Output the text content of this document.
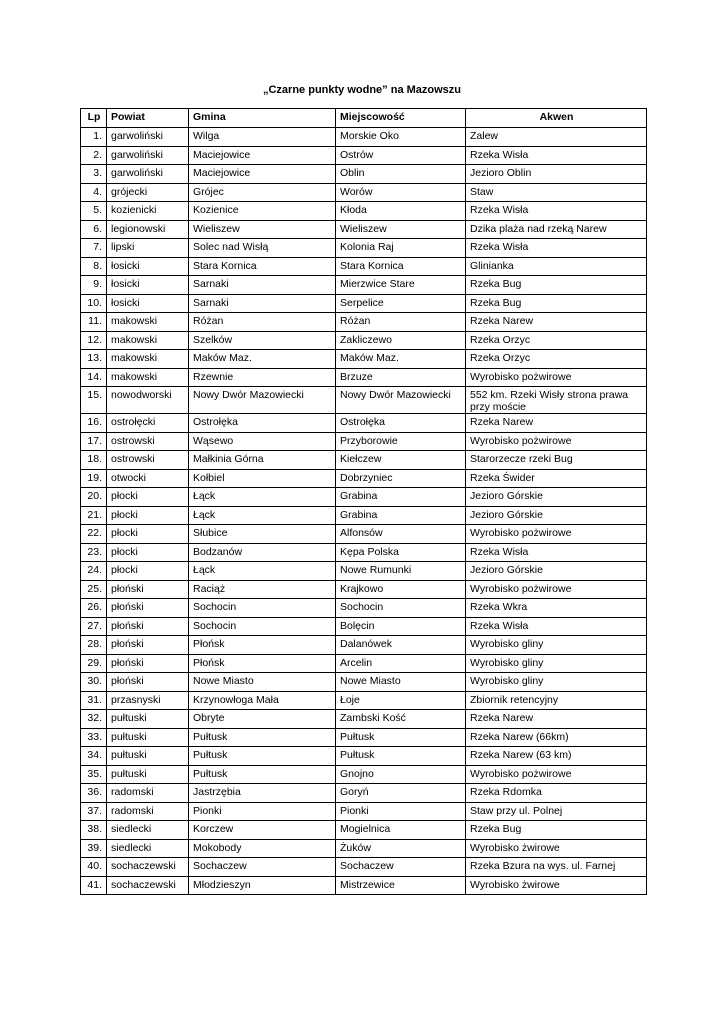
„Czarne punkty wodne” na Mazowszu
Lp	Powiat	Gmina	Miejscowość	Akwen
1.	garwoliński	Wilga	Morskie Oko	Zalew
2.	garwoliński	Maciejowice	Ostrów	Rzeka Wisła
3.	garwoliński	Maciejowice	Oblin	Jezioro Oblin
4.	grójecki	Grójec	Worów	Staw
5.	kozienicki	Kozienice	Kłoda	Rzeka Wisła
6.	legionowski	Wieliszew	Wieliszew	Dzika plaża nad rzeką Narew
7.	lipski	Solec nad Wisłą	Kolonia Raj	Rzeka Wisła
8.	łosicki	Stara Kornica	Stara Kornica	Glinianka
9.	łosicki	Sarnaki	Mierzwice Stare	Rzeka Bug
10.	łosicki	Sarnaki	Serpelice	Rzeka Bug
11.	makowski	Różan	Różan	Rzeka Narew
12.	makowski	Szelków	Zakliczewo	Rzeka Orzyc
13.	makowski	Maków Maz.	Maków Maz.	Rzeka Orzyc
14.	makowski	Rzewnie	Brzuze	Wyrobisko pożwirowe
15.	nowodworski	Nowy Dwór Mazowiecki	Nowy Dwór Mazowiecki	552 km. Rzeki Wisły strona prawa przy moście
16.	ostrołęcki	Ostrołęka	Ostrołęka	Rzeka Narew
17.	ostrowski	Wąsewo	Przyborowie	Wyrobisko pożwirowe
18.	ostrowski	Małkinia Górna	Kiełczew	Starorzecze rzeki Bug
19.	otwocki	Kołbiel	Dobrzyniec	Rzeka Świder
20.	płocki	Łąck	Grabina	Jezioro Górskie
21.	płocki	Łąck	Grabina	Jezioro Górskie
22.	płocki	Słubice	Alfonsów	Wyrobisko pożwirowe
23.	płocki	Bodzanów	Kępa Polska	Rzeka Wisła
24.	płocki	Łąck	Nowe Rumunki	Jezioro Górskie
25.	płoński	Raciąż	Krajkowo	Wyrobisko pożwirowe
26.	płoński	Sochocin	Sochocin	Rzeka Wkra
27.	płoński	Sochocin	Bolęcin	Rzeka Wisła
28.	płoński	Płońsk	Dalanówek	Wyrobisko gliny
29.	płoński	Płońsk	Arcelin	Wyrobisko gliny
30.	płoński	Nowe Miasto	Nowe Miasto	Wyrobisko gliny
31.	przasnyski	Krzynowłoga Mała	Łoje	Zbiornik retencyjny
32.	pułtuski	Obryte	Zambski Kość	Rzeka Narew
33.	pułtuski	Pułtusk	Pułtusk	Rzeka Narew (66km)
34.	pułtuski	Pułtusk	Pułtusk	Rzeka Narew (63 km)
35.	pułtuski	Pułtusk	Gnojno	Wyrobisko pożwirowe
36.	radomski	Jastrzębia	Goryń	Rzeka Rdomka
37.	radomski	Pionki	Pionki	Staw przy ul. Polnej
38.	siedlecki	Korczew	Mogielnica	Rzeka Bug
39.	siedlecki	Mokobody	Żuków	Wyrobisko żwirowe
40.	sochaczewski	Sochaczew	Sochaczew	Rzeka Bzura na wys. ul. Farnej
41.	sochaczewski	Młodzieszyn	Mistrzewice	Wyrobisko żwirowe
